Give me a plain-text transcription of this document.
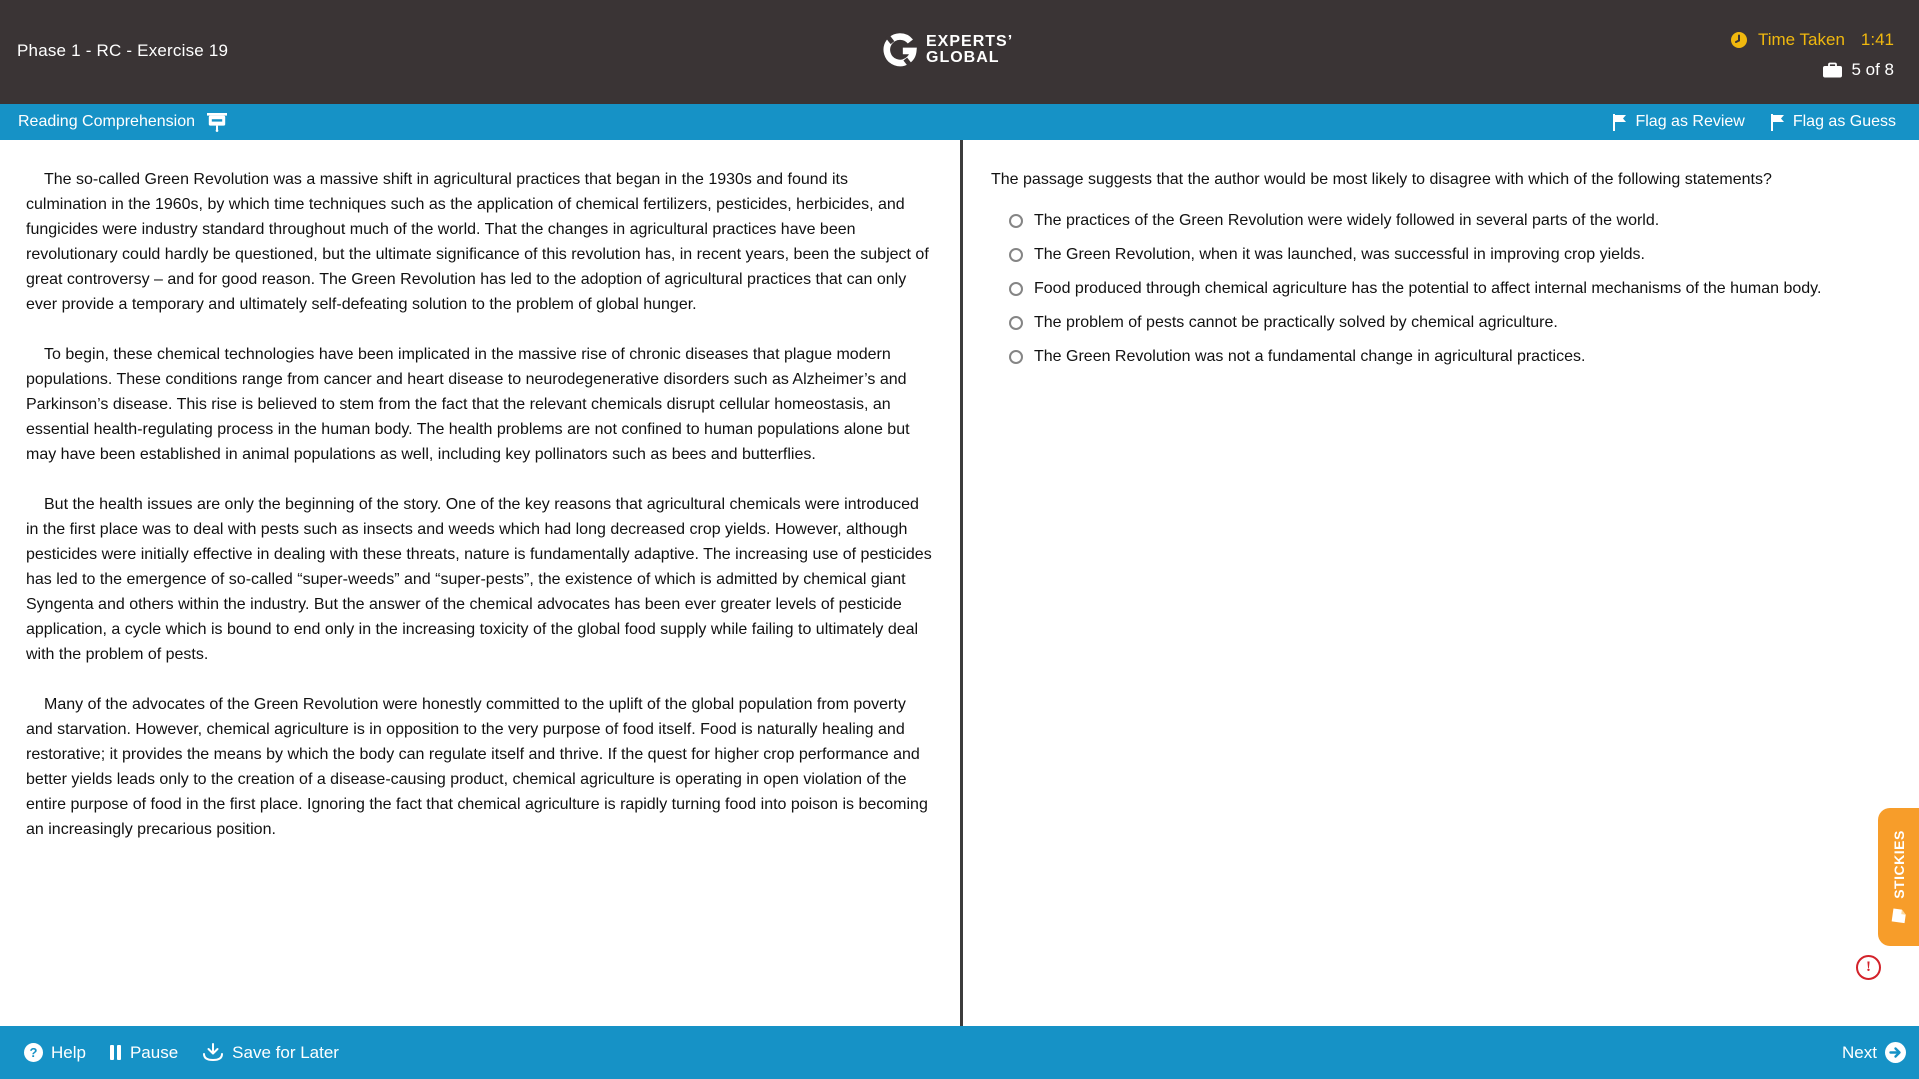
Phase 1 - RC - Exercise 19	EXPERTS’
GLOBAL
Time Taken 1:41
5 of 8
Reading Comprehension	Flag as Review	Flag as Guess

The so-called Green Revolution was a massive shift in agricultural practices that began in the 1930s and found its culmination in the 1960s, by which time techniques such as the application of chemical fertilizers, pesticides, herbicides, and fungicides were industry standard throughout much of the world. That the changes in agricultural practices have been revolutionary could hardly be questioned, but the ultimate significance of this revolution has, in recent years, been the subject of great controversy – and for good reason. The Green Revolution has led to the adoption of agricultural practices that can only ever provide a temporary and ultimately self-defeating solution to the problem of global hunger.

To begin, these chemical technologies have been implicated in the massive rise of chronic diseases that plague modern populations. These conditions range from cancer and heart disease to neurodegenerative disorders such as Alzheimer’s and Parkinson’s disease. This rise is believed to stem from the fact that the relevant chemicals disrupt cellular homeostasis, an essential health-regulating process in the human body. The health problems are not confined to human populations alone but may have been established in animal populations as well, including key pollinators such as bees and butterflies.

But the health issues are only the beginning of the story. One of the key reasons that agricultural chemicals were introduced in the first place was to deal with pests such as insects and weeds which had long decreased crop yields. However, although pesticides were initially effective in dealing with these threats, nature is fundamentally adaptive. The increasing use of pesticides has led to the emergence of so-called “super-weeds” and “super-pests”, the existence of which is admitted by chemical giant Syngenta and others within the industry. But the answer of the chemical advocates has been ever greater levels of pesticide application, a cycle which is bound to end only in the increasing toxicity of the global food supply while failing to ultimately deal with the problem of pests.

Many of the advocates of the Green Revolution were honestly committed to the uplift of the global population from poverty and starvation. However, chemical agriculture is in opposition to the very purpose of food itself. Food is naturally healing and restorative; it provides the means by which the body can regulate itself and thrive. If the quest for higher crop performance and better yields leads only to the creation of a disease-causing product, chemical agriculture is operating in open violation of the entire purpose of food in the first place. Ignoring the fact that chemical agriculture is rapidly turning food into poison is becoming an increasingly precarious position.

The passage suggests that the author would be most likely to disagree with which of the following statements?

The practices of the Green Revolution were widely followed in several parts of the world.
The Green Revolution, when it was launched, was successful in improving crop yields.
Food produced through chemical agriculture has the potential to affect internal mechanisms of the human body.
The problem of pests cannot be practically solved by chemical agriculture.
The Green Revolution was not a fundamental change in agricultural practices.
STICKIES
!
? Help	Pause	Save for Later	Next
